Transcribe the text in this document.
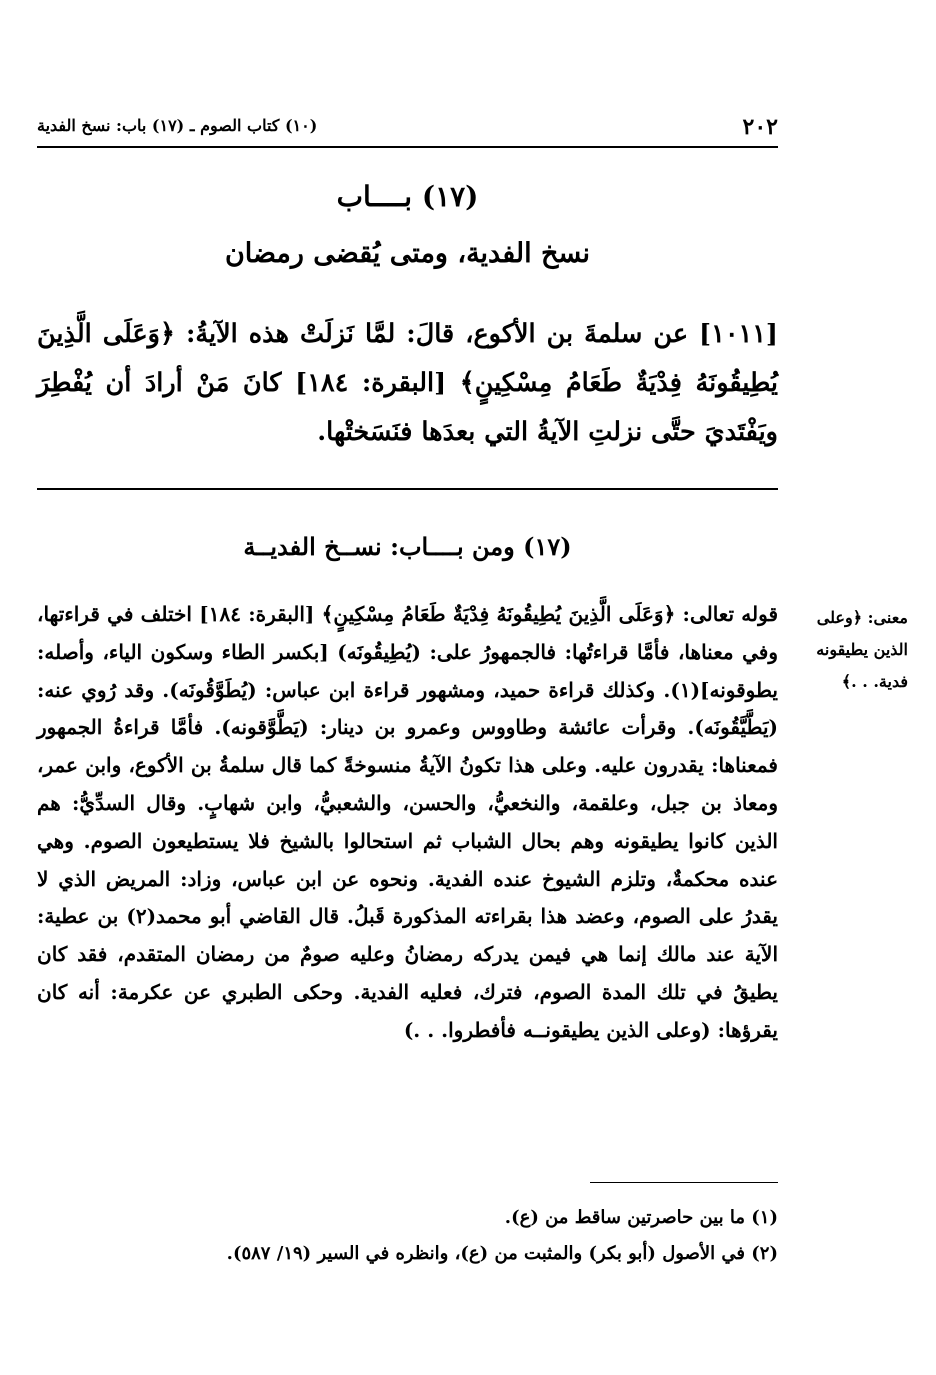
٢٠٢
(١٠) كتاب الصوم ـ (١٧) باب: نسخ الفدية
(١٧) بــــاب
نسخ الفدية، ومتى يُقضى رمضان

[١٠١١] عن سلمةَ بن الأكوع، قالَ: لمَّا نَزلَتْ هذه الآيةُ: ﴿وَعَلَى الَّذِينَ يُطِيقُونَهُ فِدْيَةٌ طَعَامُ مِسْكِينٍ﴾ [البقرة: ١٨٤] كانَ مَنْ أرادَ أن يُفْطِرَ ويَفْتَديَ حتَّى نزلتِ الآيةُ التي بعدَها فنَسَختْها.

(١٧) ومن بــــاب: نســخ الفديــة

قوله تعالى: ﴿وَعَلَى الَّذِينَ يُطِيقُونَهُ فِدْيَةٌ طَعَامُ مِسْكِينٍ﴾ [البقرة: ١٨٤] اختلف في قراءتها، وفي معناها، فأمَّا قراءتُها: فالجمهورُ على: (يُطِيقُونَه) [بكسر الطاء وسكون الياء، وأصله: يطوقونه](١). وكذلك قراءة حميد، ومشهور قراءة ابن عباس: (يُطَوَّقُونَه). وقد رُوي عنه: (يَطَّيَّقُونَه). وقرأت عائشة وطاووس وعمرو بن دينار: (يَطَّوَّقونه). فأمَّا قراءةُ الجمهور فمعناها: يقدرون عليه. وعلى هذا تكونُ الآيةُ منسوخةً كما قال سلمةُ بن الأكوع، وابن عمر، ومعاذ بن جبل، وعلقمة، والنخعيُّ، والحسن، والشعبيُّ، وابن شهابٍ. وقال السدِّيُّ: هم الذين كانوا يطيقونه وهم بحال الشباب ثم استحالوا بالشيخ فلا يستطيعون الصوم. وهي عنده محكمةٌ، وتلزم الشيوخ عنده الفدية. ونحوه عن ابن عباس، وزاد: المريض الذي لا يقدرُ على الصوم، وعضد هذا بقراءته المذكورة قَبلُ. قال القاضي أبو محمد(٢) بن عطية: الآية عند مالك إنما هي فيمن يدركه رمضانُ وعليه صومٌ من رمضان المتقدم، فقد كان يطيقُ في تلك المدة الصوم، فترك، فعليه الفدية. وحكى الطبري عن عكرمة: أنه كان يقرؤها: (وعلى الذين يطيقونــه فأفطروا. . .)

معنى: ﴿وعلى
الذين يطيقونه
فدية. . .﴾
(١) ما بين حاصرتين ساقط من (ع).
(٢) في الأصول (أبو بكر) والمثبت من (ع)، وانظره في السير (١٩/ ٥٨٧).
